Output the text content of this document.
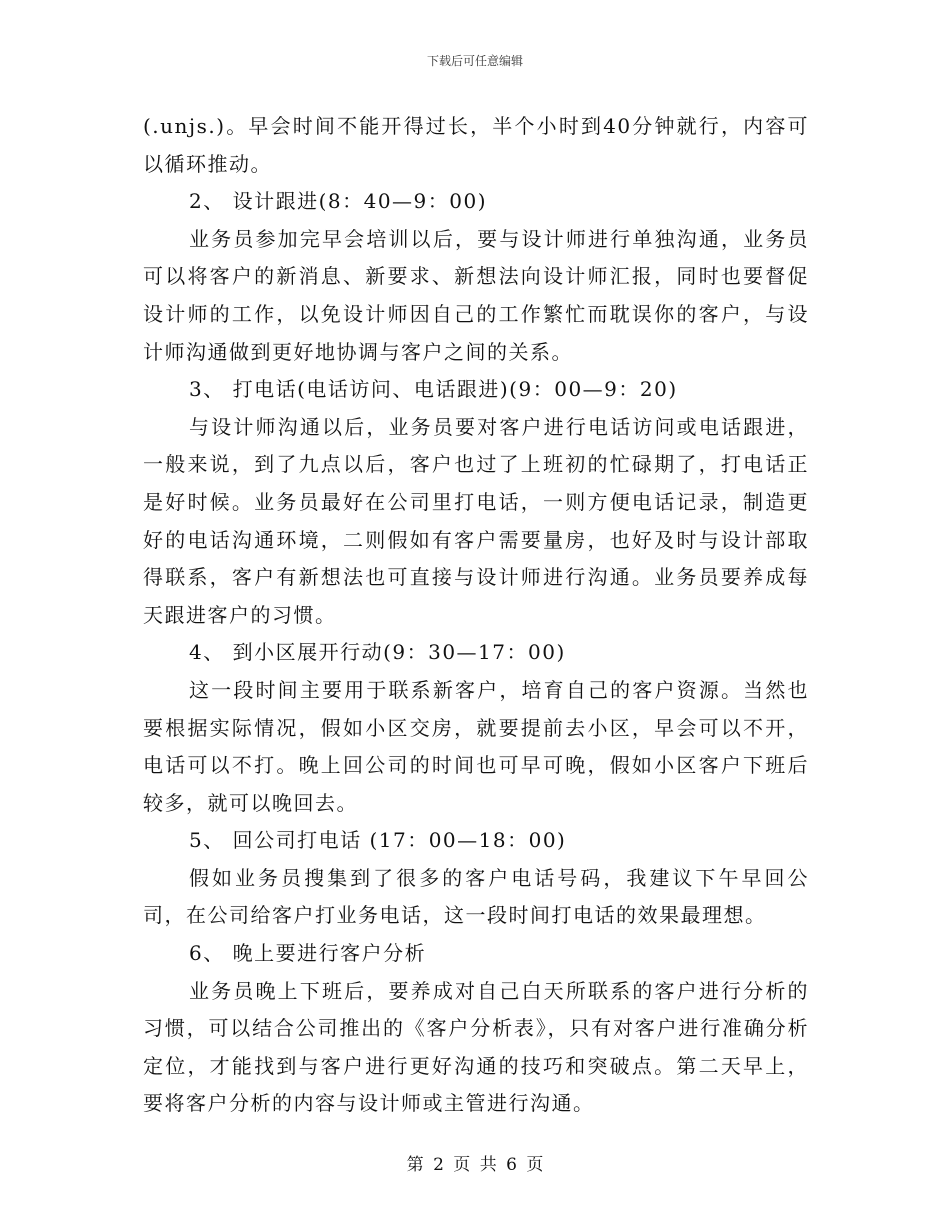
下载后可任意编辑

(.unjs.)。早会时间不能开得过长，半个小时到40分钟就行，内容可以循环推动。

2、 设计跟进(8：40—9：00)

业务员参加完早会培训以后，要与设计师进行单独沟通，业务员可以将客户的新消息、新要求、新想法向设计师汇报，同时也要督促设计师的工作，以免设计师因自己的工作繁忙而耽误你的客户，与设计师沟通做到更好地协调与客户之间的关系。

3、 打电话(电话访问、电话跟进)(9：00—9：20)

与设计师沟通以后，业务员要对客户进行电话访问或电话跟进，一般来说，到了九点以后，客户也过了上班初的忙碌期了，打电话正是好时候。业务员最好在公司里打电话，一则方便电话记录，制造更好的电话沟通环境，二则假如有客户需要量房，也好及时与设计部取得联系，客户有新想法也可直接与设计师进行沟通。业务员要养成每天跟进客户的习惯。

4、 到小区展开行动(9：30—17：00)

这一段时间主要用于联系新客户，培育自己的客户资源。当然也要根据实际情况，假如小区交房，就要提前去小区，早会可以不开，电话可以不打。晚上回公司的时间也可早可晚，假如小区客户下班后较多，就可以晚回去。

5、 回公司打电话 (17：00—18：00)

假如业务员搜集到了很多的客户电话号码，我建议下午早回公司，在公司给客户打业务电话，这一段时间打电话的效果最理想。

6、 晚上要进行客户分析

业务员晚上下班后，要养成对自己白天所联系的客户进行分析的习惯，可以结合公司推出的《客户分析表》，只有对客户进行准确分析定位，才能找到与客户进行更好沟通的技巧和突破点。第二天早上，要将客户分析的内容与设计师或主管进行沟通。

第 2 页 共 6 页
